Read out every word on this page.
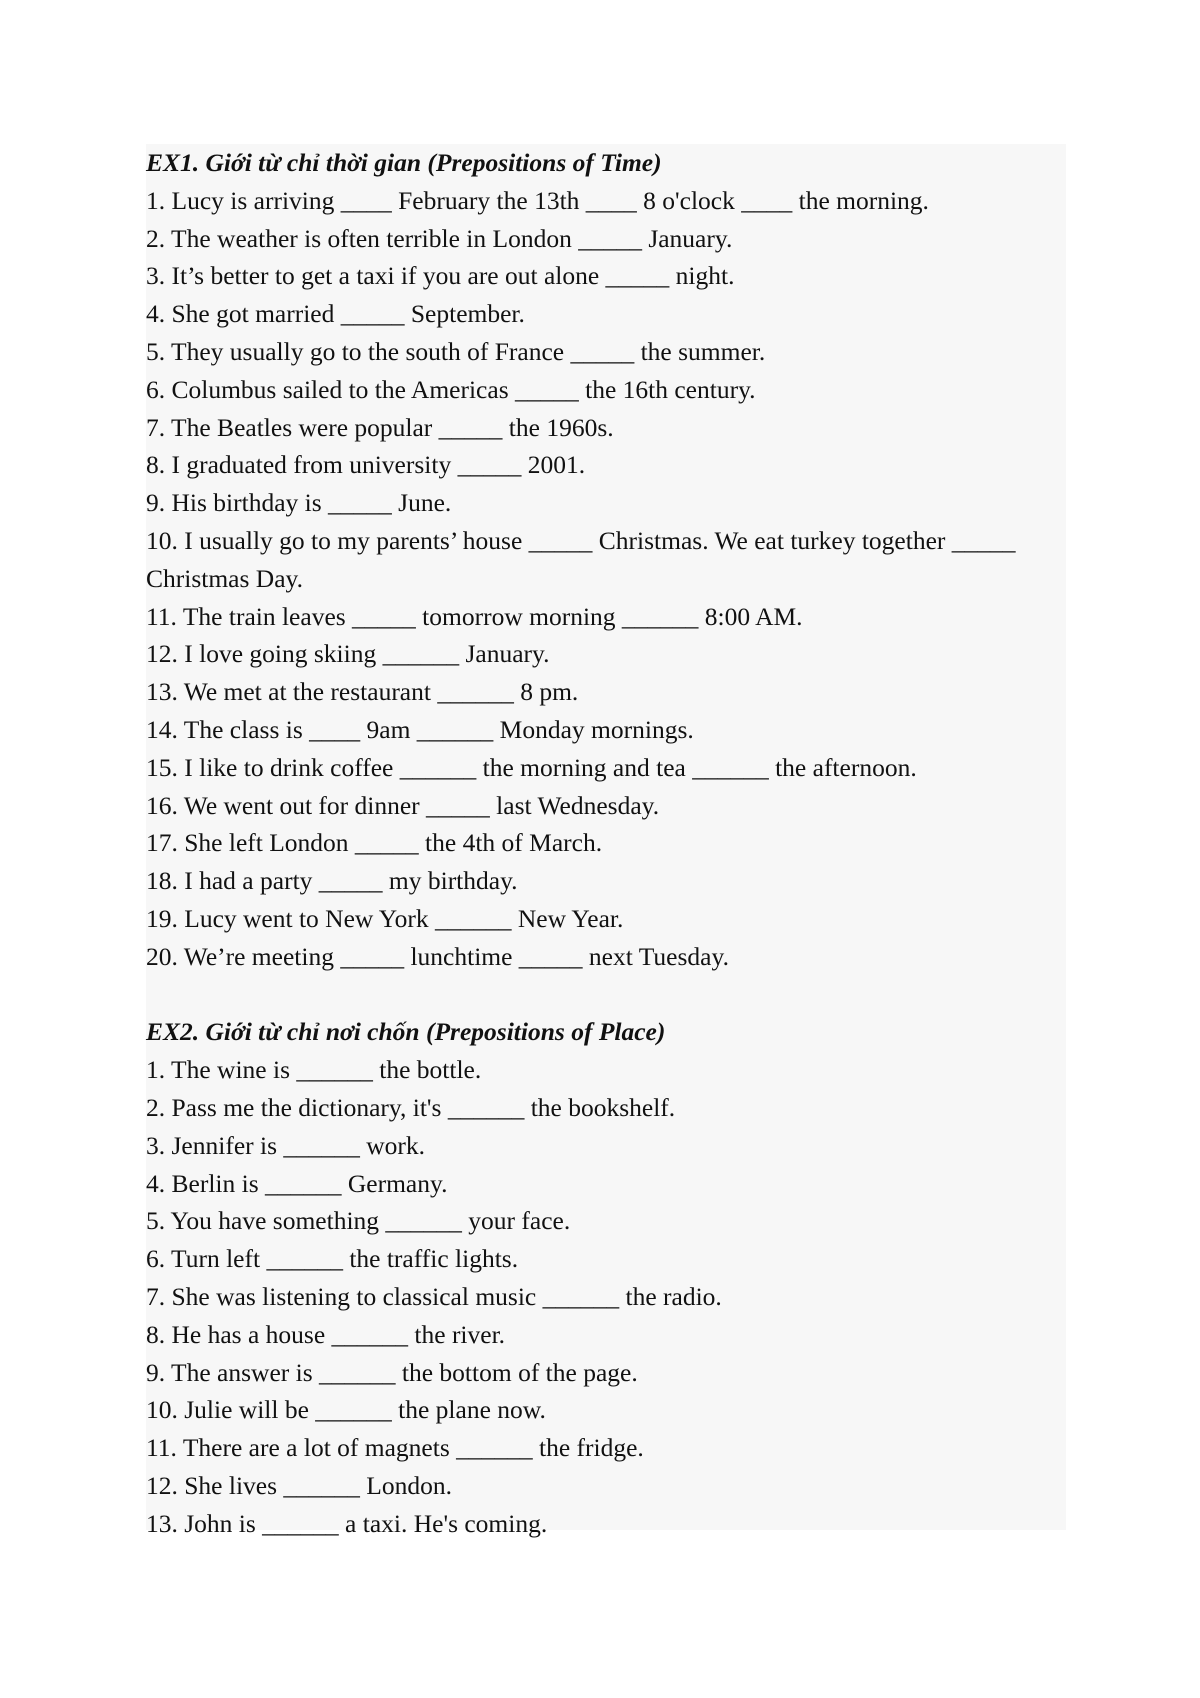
EX1. Giới từ chỉ thời gian (Prepositions of Time)
1. Lucy is arriving ____ February the 13th ____ 8 o'clock ____ the morning.
2. The weather is often terrible in London _____ January.
3. It’s better to get a taxi if you are out alone _____ night.
4. She got married _____ September.
5. They usually go to the south of France _____ the summer.
6. Columbus sailed to the Americas _____ the 16th century.
7. The Beatles were popular _____ the 1960s.
8. I graduated from university _____ 2001.
9. His birthday is _____ June.
10. I usually go to my parents’ house _____ Christmas. We eat turkey together _____ Christmas Day.
11. The train leaves _____ tomorrow morning ______ 8:00 AM.
12. I love going skiing ______ January.
13. We met at the restaurant ______ 8 pm.
14. The class is ____ 9am ______ Monday mornings.
15. I like to drink coffee ______ the morning and tea ______ the afternoon.
16. We went out for dinner _____ last Wednesday.
17. She left London _____ the 4th of March.
18. I had a party _____ my birthday.
19. Lucy went to New York ______ New Year.
20. We’re meeting _____ lunchtime _____ next Tuesday.
EX2. Giới từ chỉ nơi chốn (Prepositions of Place)
1. The wine is ______ the bottle.
2. Pass me the dictionary, it's ______ the bookshelf.
3. Jennifer is ______ work.
4. Berlin is ______ Germany.
5. You have something ______ your face.
6. Turn left ______ the traffic lights.
7. She was listening to classical music ______ the radio.
8. He has a house ______ the river.
9. The answer is ______ the bottom of the page.
10. Julie will be ______ the plane now.
11. There are a lot of magnets ______ the fridge.
12. She lives ______ London.
13. John is ______ a taxi. He's coming.
